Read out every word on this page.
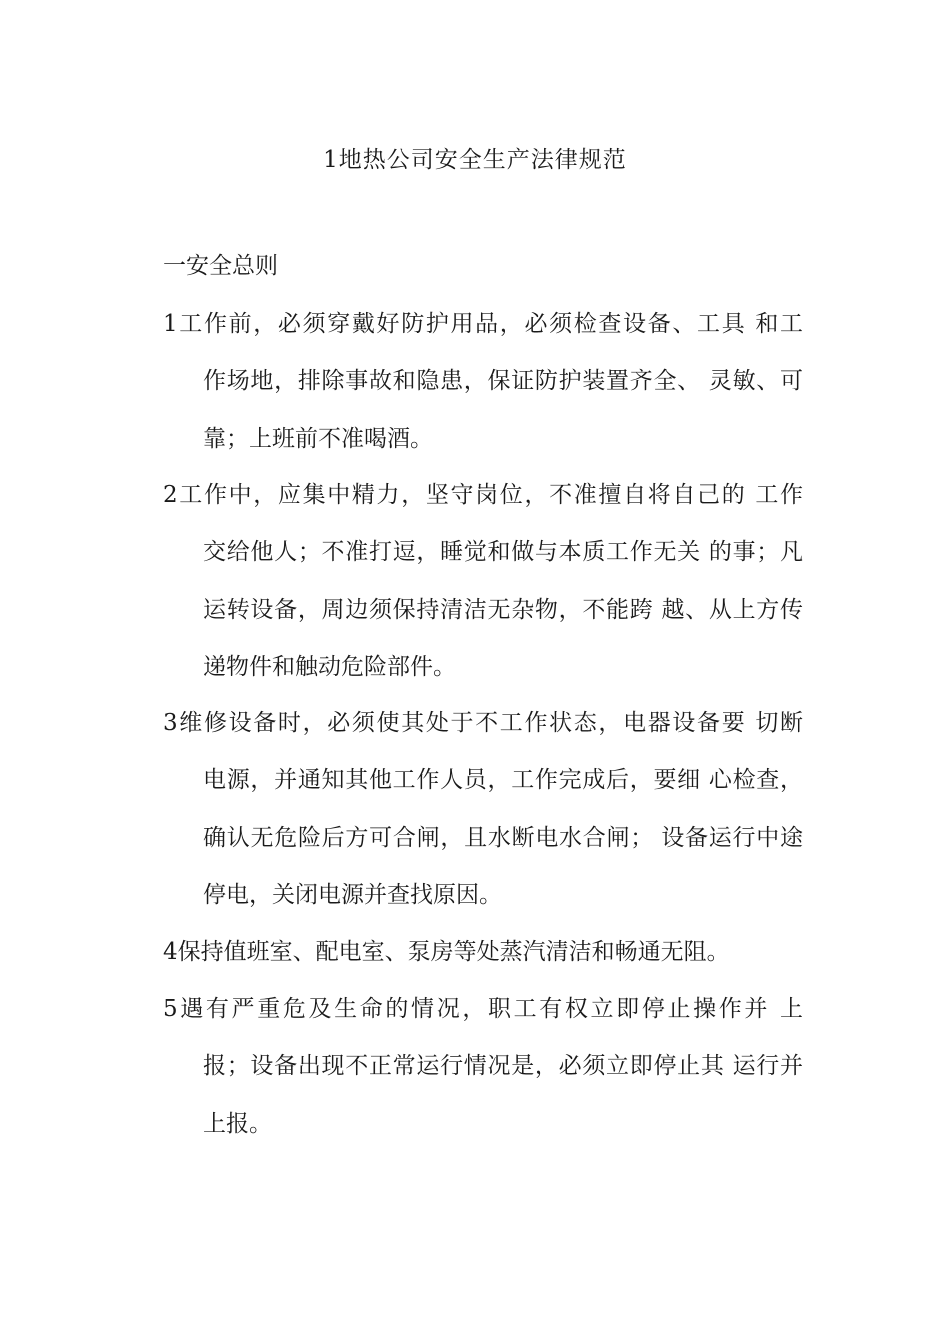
1地热公司安全生产法律规范
一安全总则
1工作前，必须穿戴好防护用品，必须检查设备、工具 和工
作场地，排除事故和隐患，保证防护装置齐全、 灵敏、可
靠；上班前不准喝酒。
2工作中，应集中精力，坚守岗位，不准擅自将自己的 工作
交给他人；不准打逗，睡觉和做与本质工作无关 的事；凡
运转设备，周边须保持清洁无杂物，不能跨 越、从上方传
递物件和触动危险部件。
3维修设备时，必须使其处于不工作状态，电器设备要 切断
电源，并通知其他工作人员，工作完成后，要细 心检查，
确认无危险后方可合闸，且水断电水合闸； 设备运行中途
停电，关闭电源并查找原因。
4保持值班室、配电室、泵房等处蒸汽清洁和畅通无阻。
5遇有严重危及生命的情况，职工有权立即停止操作并 上
报；设备出现不正常运行情况是，必须立即停止其 运行并
上报。
